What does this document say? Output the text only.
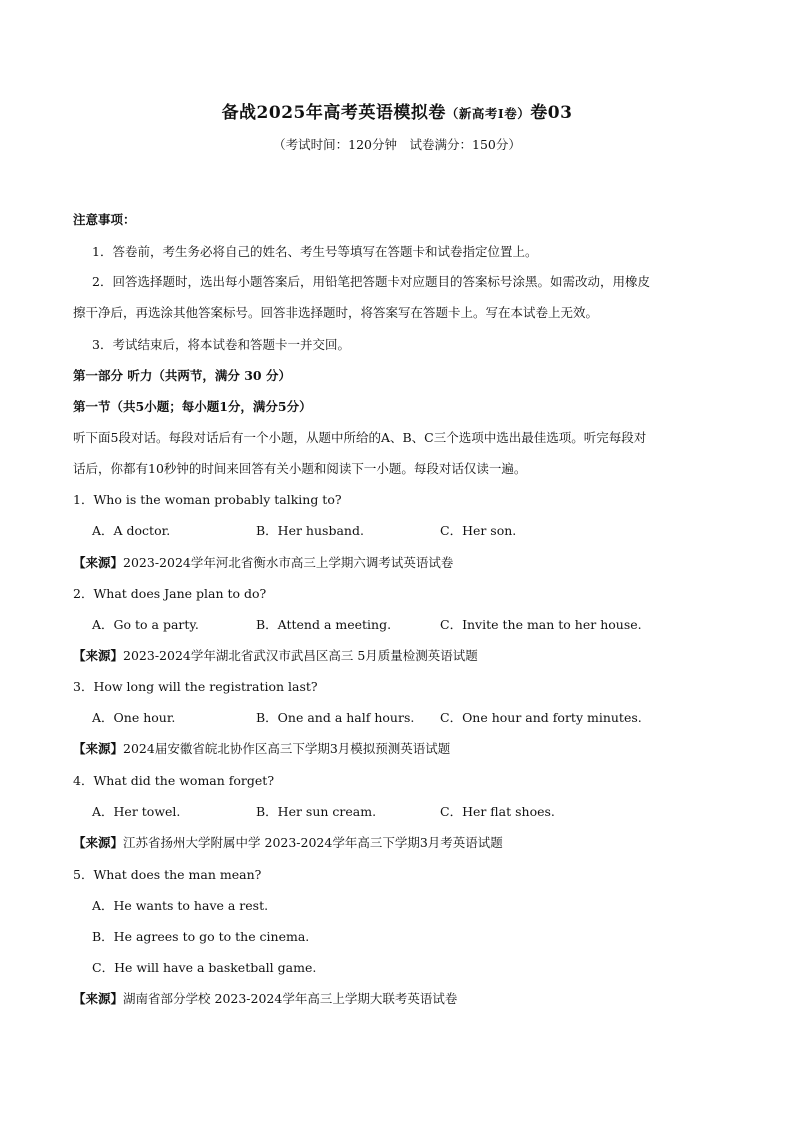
备战2025年高考英语模拟卷（新高考I卷）卷03
（考试时间：120分钟　试卷满分：150分）
注意事项：
1．答卷前，考生务必将自己的姓名、考生号等填写在答题卡和试卷指定位置上。
2．回答选择题时，选出每小题答案后，用铅笔把答题卡对应题目的答案标号涂黑。如需改动，用橡皮
擦干净后，再选涂其他答案标号。回答非选择题时，将答案写在答题卡上。写在本试卷上无效。
3．考试结束后，将本试卷和答题卡一并交回。
第一部分 听力（共两节，满分 30 分）
第一节（共5小题；每小题1分，满分5分）
听下面5段对话。每段对话后有一个小题，从题中所给的A、B、C三个选项中选出最佳选项。听完每段对
话后，你都有10秒钟的时间来回答有关小题和阅读下一小题。每段对话仅读一遍。
1．Who is the woman probably talking to?
A．A doctor.	B．Her husband.	C．Her son.
【来源】2023-2024学年河北省衡水市高三上学期六调考试英语试卷
2．What does Jane plan to do?
A．Go to a party.	B．Attend a meeting.	C．Invite the man to her house.
【来源】2023-2024学年湖北省武汉市武昌区高三 5月质量检测英语试题
3．How long will the registration last?
A．One hour.	B．One and a half hours. C．One hour and forty minutes.
【来源】2024届安徽省皖北协作区高三下学期3月模拟预测英语试题
4．What did the woman forget?
A．Her towel.	B．Her sun cream.	C．Her flat shoes.
【来源】江苏省扬州大学附属中学 2023-2024学年高三下学期3月考英语试题
5．What does the man mean?
A．He wants to have a rest.
B．He agrees to go to the cinema.
C．He will have a basketball game.
【来源】湖南省部分学校 2023-2024学年高三上学期大联考英语试卷
